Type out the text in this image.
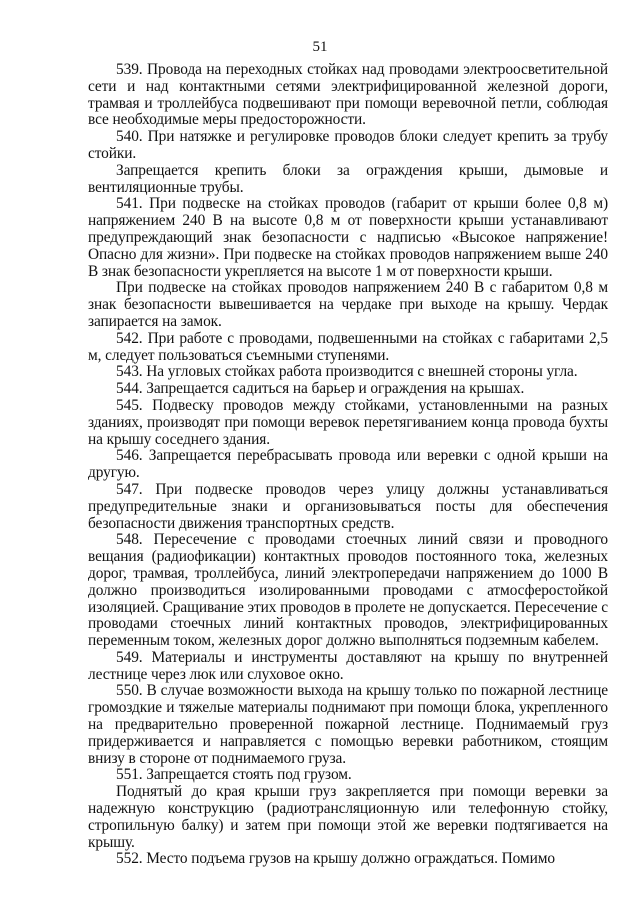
51

539. Провода на переходных стойках над проводами электроосветительной сети и над контактными сетями электрифицированной железной дороги, трамвая и троллейбуса подвешивают при помощи веревочной петли, соблюдая все необходимые меры предосторожности.

540. При натяжке и регулировке проводов блоки следует крепить за трубу стойки.

Запрещается крепить блоки за ограждения крыши, дымовые и вентиляционные трубы.

541. При подвеске на стойках проводов (габарит от крыши более 0,8 м) напряжением 240 В на высоте 0,8 м от поверхности крыши устанавливают предупреждающий знак безопасности с надписью «Высокое напряжение! Опасно для жизни». При подвеске на стойках проводов напряжением выше 240 В знак безопасности укрепляется на высоте 1 м от поверхности крыши.

При подвеске на стойках проводов напряжением 240 В с габаритом 0,8 м знак безопасности вывешивается на чердаке при выходе на крышу. Чердак запирается на замок.

542. При работе с проводами, подвешенными на стойках с габаритами 2,5 м, следует пользоваться съемными ступенями.

543. На угловых стойках работа производится с внешней стороны угла.

544. Запрещается садиться на барьер и ограждения на крышах.

545. Подвеску проводов между стойками, установленными на разных зданиях, производят при помощи веревок перетягиванием конца провода бухты на крышу соседнего здания.

546. Запрещается перебрасывать провода или веревки с одной крыши на другую.

547. При подвеске проводов через улицу должны устанавливаться предупредительные знаки и организовываться посты для обеспечения безопасности движения транспортных средств.

548. Пересечение с проводами стоечных линий связи и проводного вещания (радиофикации) контактных проводов постоянного тока, железных дорог, трамвая, троллейбуса, линий электропередачи напряжением до 1000 В должно производиться изолированными проводами с атмосферостойкой изоляцией. Сращивание этих проводов в пролете не допускается. Пересечение с проводами стоечных линий контактных проводов, электрифицированных переменным током, железных дорог должно выполняться подземным кабелем.

549. Материалы и инструменты доставляют на крышу по внутренней лестнице через люк или слуховое окно.

550. В случае возможности выхода на крышу только по пожарной лестнице громоздкие и тяжелые материалы поднимают при помощи блока, укрепленного на предварительно проверенной пожарной лестнице. Поднимаемый груз придерживается и направляется с помощью веревки работником, стоящим внизу в стороне от поднимаемого груза.

551. Запрещается стоять под грузом.

Поднятый до края крыши груз закрепляется при помощи веревки за надежную конструкцию (радиотрансляционную или телефонную стойку, стропильную балку) и затем при помощи этой же веревки подтягивается на крышу.

552. Место подъема грузов на крышу должно ограждаться. Помимо
